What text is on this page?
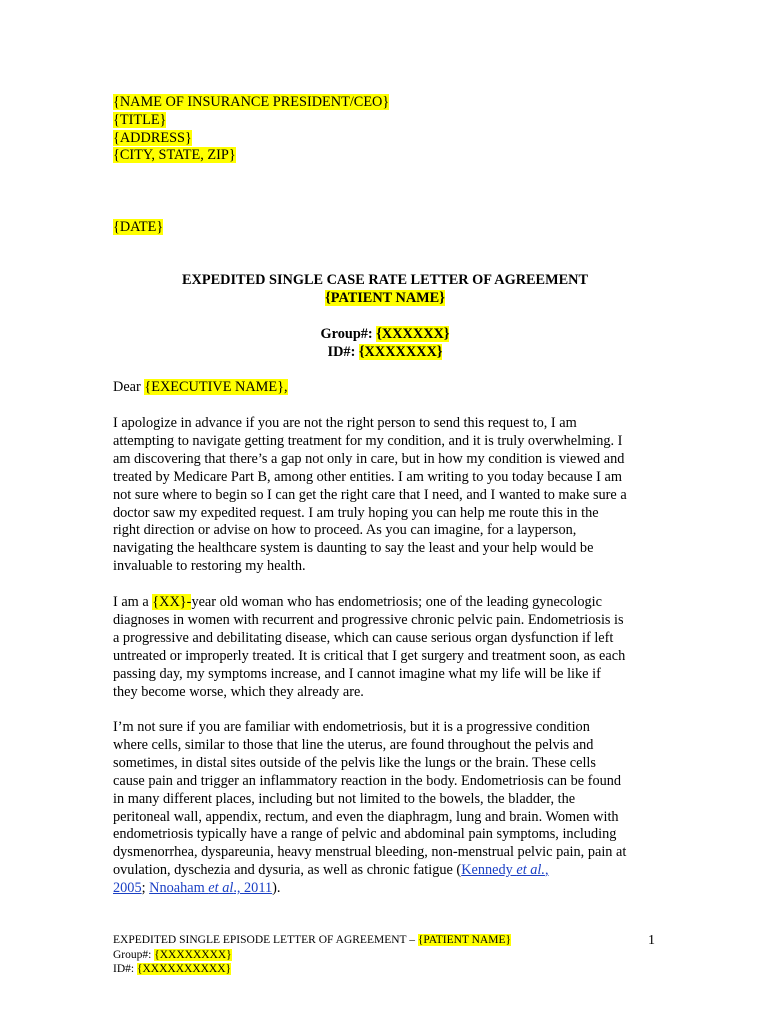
{NAME OF INSURANCE PRESIDENT/CEO}
{TITLE}
{ADDRESS}
{CITY, STATE, ZIP}
{DATE}
EXPEDITED SINGLE CASE RATE LETTER OF AGREEMENT
{PATIENT NAME}
Group#: {XXXXXX}
ID#: {XXXXXXX}
Dear {EXECUTIVE NAME},
I apologize in advance if you are not the right person to send this request to, I am
attempting to navigate getting treatment for my condition, and it is truly overwhelming. I
am discovering that there’s a gap not only in care, but in how my condition is viewed and
treated by Medicare Part B, among other entities. I am writing to you today because I am
not sure where to begin so I can get the right care that I need, and I wanted to make sure a
doctor saw my expedited request. I am truly hoping you can help me route this in the
right direction or advise on how to proceed. As you can imagine, for a layperson,
navigating the healthcare system is daunting to say the least and your help would be
invaluable to restoring my health.
I am a {XX}-year old woman who has endometriosis; one of the leading gynecologic
diagnoses in women with recurrent and progressive chronic pelvic pain. Endometriosis is
a progressive and debilitating disease, which can cause serious organ dysfunction if left
untreated or improperly treated. It is critical that I get surgery and treatment soon, as each
passing day, my symptoms increase, and I cannot imagine what my life will be like if
they become worse, which they already are.
I’m not sure if you are familiar with endometriosis, but it is a progressive condition
where cells, similar to those that line the uterus, are found throughout the pelvis and
sometimes, in distal sites outside of the pelvis like the lungs or the brain. These cells
cause pain and trigger an inflammatory reaction in the body. Endometriosis can be found
in many different places, including but not limited to the bowels, the bladder, the
peritoneal wall, appendix, rectum, and even the diaphragm, lung and brain. Women with
endometriosis typically have a range of pelvic and abdominal pain symptoms, including
dysmenorrhea, dyspareunia, heavy menstrual bleeding, non-menstrual pelvic pain, pain at
ovulation, dyschezia and dysuria, as well as chronic fatigue (Kennedy et al.,
2005; Nnoaham et al., 2011).
EXPEDITED SINGLE EPISODE LETTER OF AGREEMENT – {PATIENT NAME}
Group#: {XXXXXXXX}
ID#: {XXXXXXXXXX}
1
